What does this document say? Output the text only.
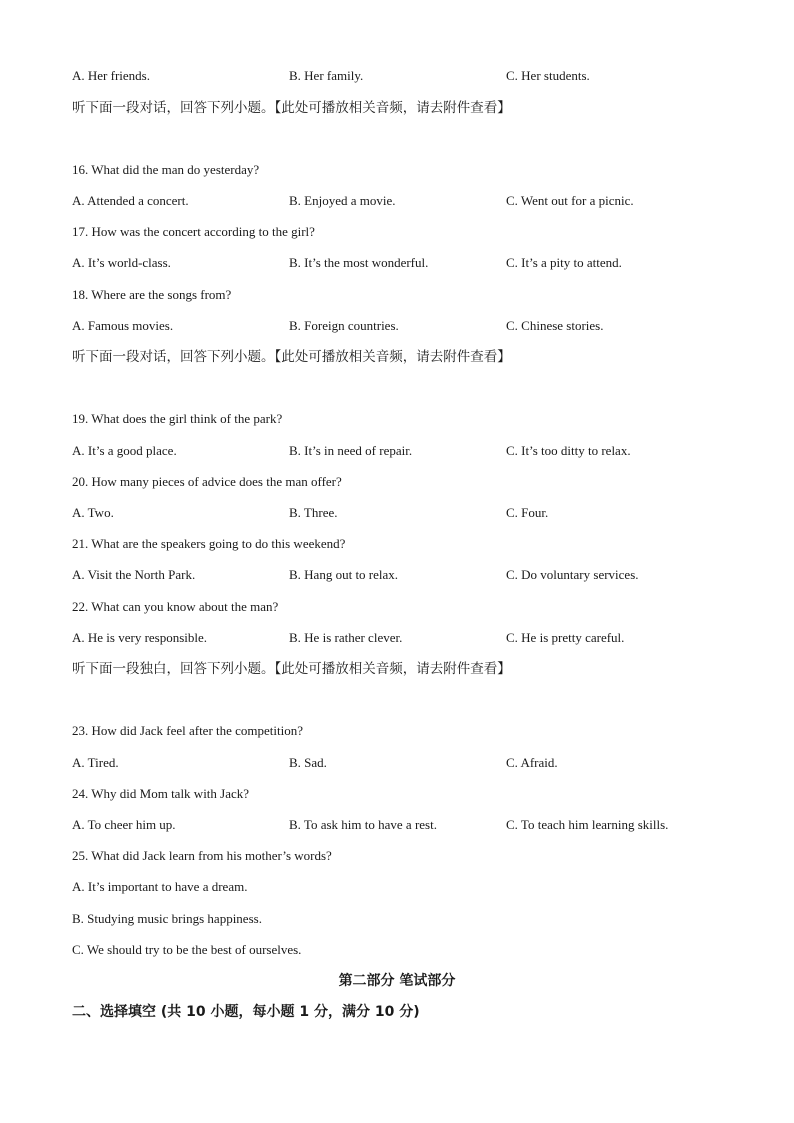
A. Her friends.	B. Her family.	C. Her students.
听下面一段对话，回答下列小题。【此处可播放相关音频，请去附件查看】
16. What did the man do yesterday?
A. Attended a concert.	B. Enjoyed a movie.	C. Went out for a picnic.
17. How was the concert according to the girl?
A. It’s world-class.	B. It’s the most wonderful.	C. It’s a pity to attend.
18. Where are the songs from?
A. Famous movies.	B. Foreign countries.	C. Chinese stories.
听下面一段对话，回答下列小题。【此处可播放相关音频，请去附件查看】
19. What does the girl think of the park?
A. It’s a good place.	B. It’s in need of repair.	C. It’s too ditty to relax.
20. How many pieces of advice does the man offer?
A. Two.	B. Three.	C. Four.
21. What are the speakers going to do this weekend?
A. Visit the North Park.	B. Hang out to relax.	C. Do voluntary services.
22. What can you know about the man?
A. He is very responsible.	B. He is rather clever.	C. He is pretty careful.
听下面一段独白，回答下列小题。【此处可播放相关音频，请去附件查看】
23. How did Jack feel after the competition?
A. Tired.	B. Sad.	C. Afraid.
24. Why did Mom talk with Jack?
A. To cheer him up.	B. To ask him to have a rest.	C. To teach him learning skills.
25. What did Jack learn from his mother’s words?
A. It’s important to have a dream.
B. Studying music brings happiness.
C. We should try to be the best of ourselves.
第二部分 笔试部分
二、选择填空 (共 10 小题，每小题 1 分，满分 10 分)
